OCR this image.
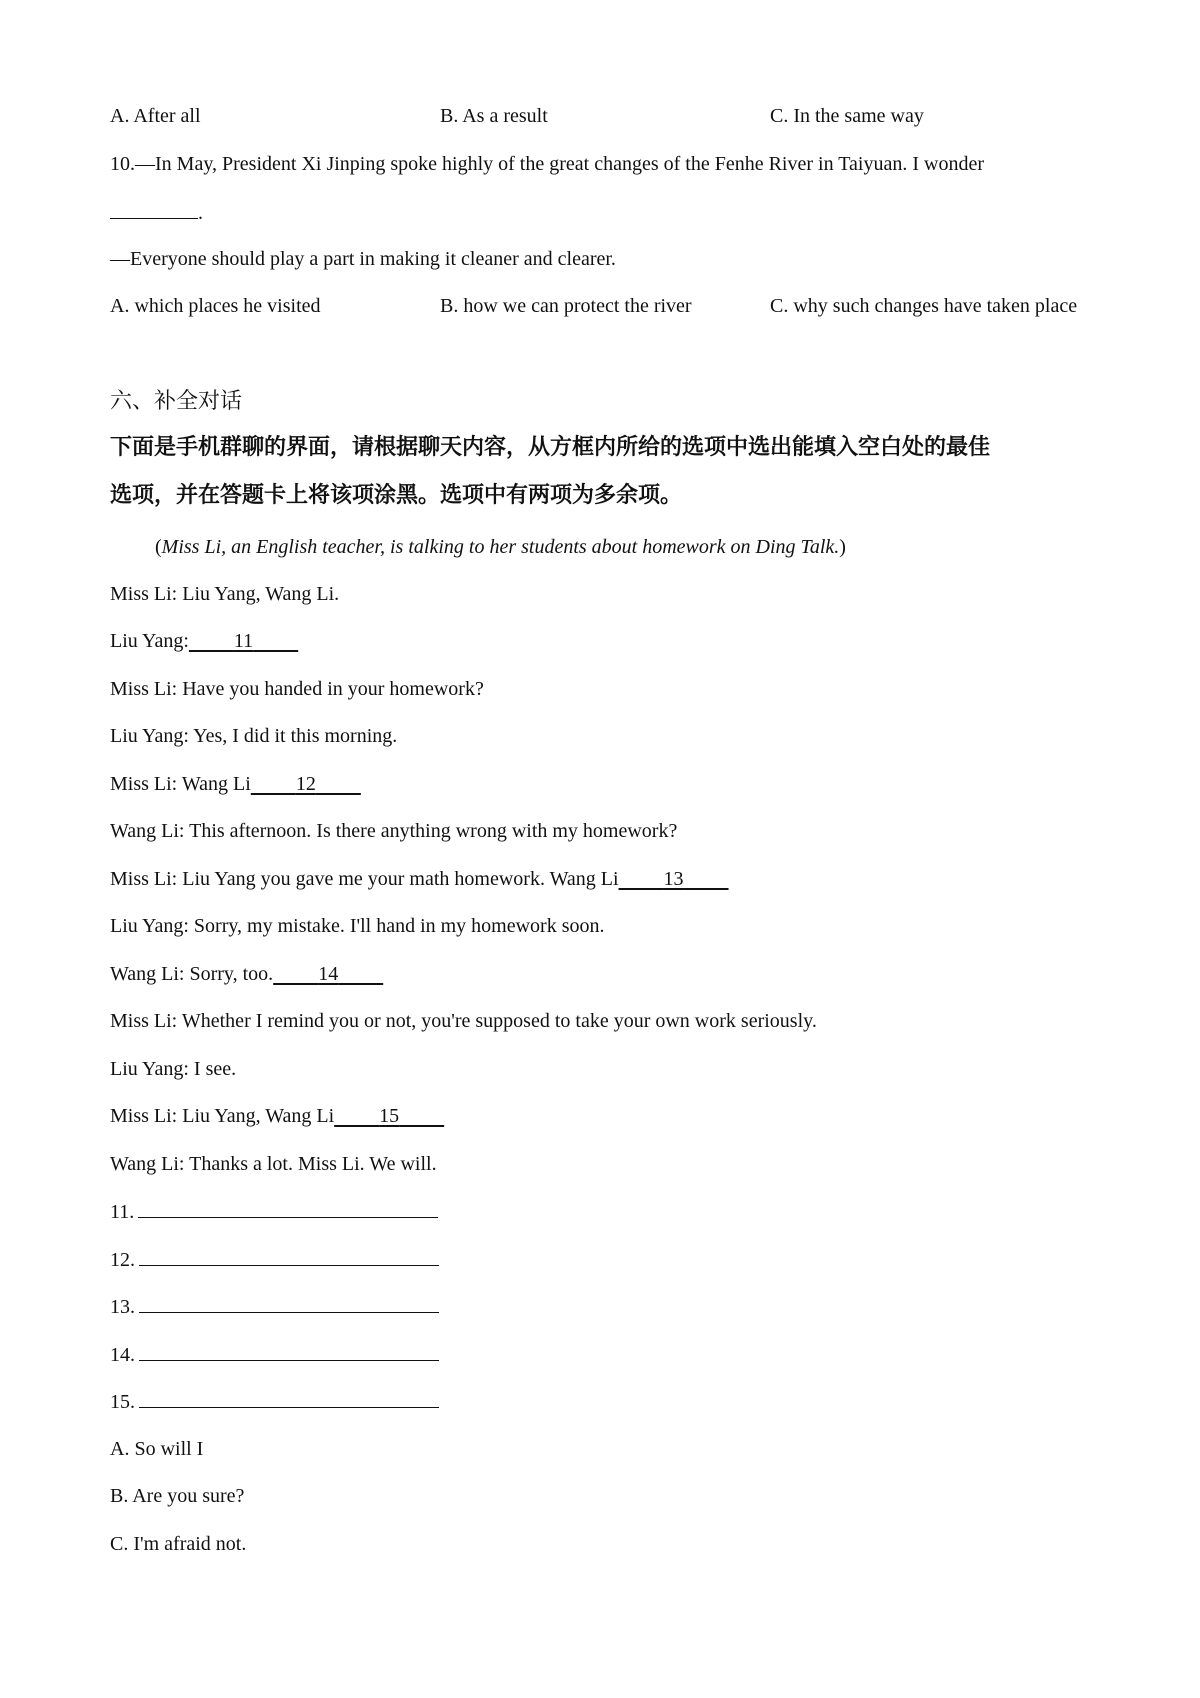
A. After all	B. As a result	C. In the same way
10.—In May, President Xi Jinping spoke highly of the great changes of the Fenhe River in Taiyuan. I wonder
.
—Everyone should play a part in making it cleaner and clearer.
A. which places he visited	B. how we can protect the river	C. why such changes have taken place
六、补全对话
下面是手机群聊的界面，请根据聊天内容，从方框内所给的选项中选出能填入空白处的最佳
选项，并在答题卡上将该项涂黑。选项中有两项为多余项。
(Miss Li, an English teacher, is talking to her students about homework on Ding Talk.)
Miss Li: Liu Yang, Wang Li.
Liu Yang: 11
Miss Li: Have you handed in your homework?
Liu Yang: Yes, I did it this morning.
Miss Li: Wang Li 12
Wang Li: This afternoon. Is there anything wrong with my homework?
Miss Li: Liu Yang you gave me your math homework. Wang Li 13
Liu Yang: Sorry, my mistake. I'll hand in my homework soon.
Wang Li: Sorry, too. 14
Miss Li: Whether I remind you or not, you're supposed to take your own work seriously.
Liu Yang: I see.
Miss Li: Liu Yang, Wang Li 15
Wang Li: Thanks a lot. Miss Li. We will.
11.
12.
13.
14.
15.
A. So will I
B. Are you sure?
C. I'm afraid not.
